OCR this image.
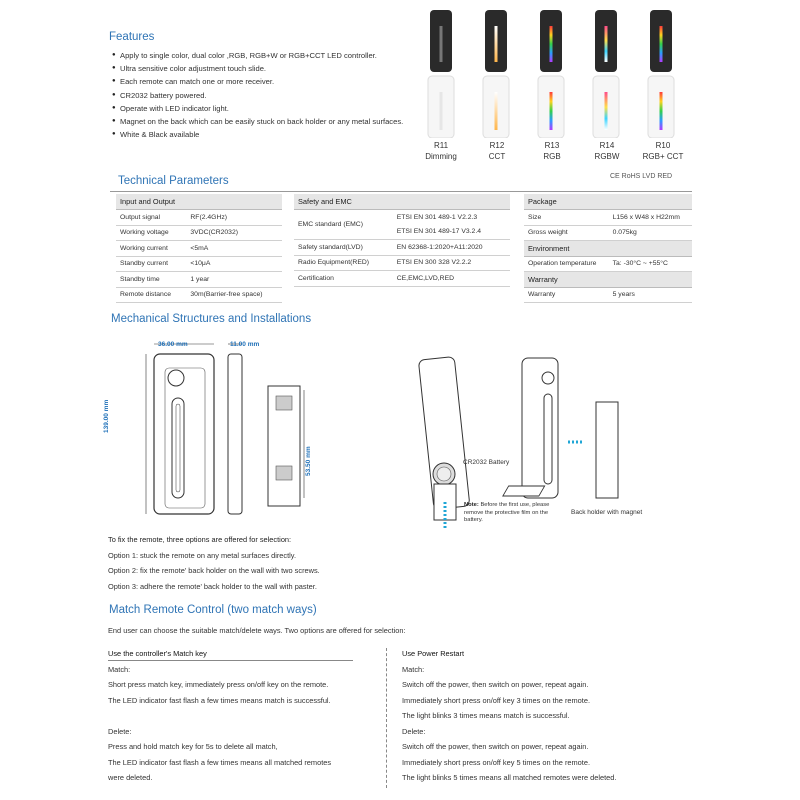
Features
● Apply to single color, dual color ,RGB, RGB+W or RGB+CCT LED controller.
● Ultra sensitive color adjustment touch slide.
● Each remote can match one or more receiver.
● CR2032 battery powered.
● Operate with LED indicator light.
● Magnet on the back which can be easily stuck on back holder or any metal surfaces.
● White & Black available
R11
Dimming
R12
CCT
R13
RGB
R14
RGBW
R10
RGB+ CCT
Technical Parameters	CE RoHS LVD RED
Input and Output	
Output signal	RF(2.4GHz)
Working voltage	3VDC(CR2032)
Working current	<5mA
Standby current	<10μA
Standby time	1 year
Remote distance	30m(Barrier-free space)
Safety and EMC	
EMC standard (EMC)	ETSI EN 301 489-1 V2.2.3
ETSI EN 301 489-17 V3.2.4

Safety standard(LVD)	EN 62368-1:2020+A11:2020
Radio Equipment(RED)	ETSI EN 300 328 V2.2.2
Certification	CE,EMC,LVD,RED
Package	
Size	L156 x W48 x H22mm
Gross weight	0.075kg
Environment	
Operation temperature	Ta: -30°C ~ +55°C
Warranty	
Warranty	5 years
Mechanical Structures and Installations
36.00 mm	11.00 mm
139.00 mm
53.50 mm	CR2032 Battery
Note: Before the first use, please remove the protective film on the battery.
Back holder with magnet
To fix the remote, three options are offered for selection:
Option 1: stuck the remote on any metal surfaces directly.
Option 2: fix the remote' back holder on the wall with two screws.
Option 3: adhere the remote' back holder to the wall with paster.
Match Remote Control (two match ways)
End user can choose the suitable match/delete ways. Two options are offered for selection:
Use the controller's Match key
Match:
Short press match key, immediately press on/off key on the remote.
The LED indicator fast flash a few times means match is successful.
Delete:
Press and hold match key for 5s to delete all match,
The LED indicator fast flash a few times means all matched remotes
were deleted.
Use Power Restart
Match:
Switch off the power, then switch on power, repeat again.
Immediately short press on/off key 3 times on the remote.
The light blinks 3 times means match is successful.
Delete:
Switch off the power, then switch on power, repeat again.
Immediately short press on/off key 5 times on the remote.
The light blinks 5 times means all matched remotes were deleted.
